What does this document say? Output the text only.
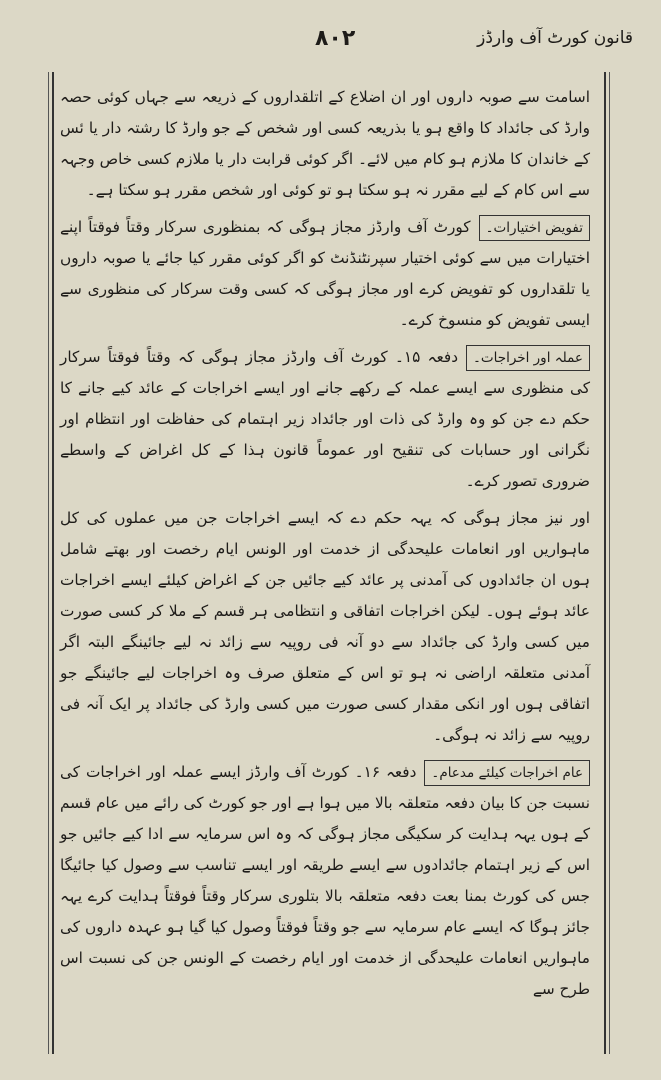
۸۰۲	قانون کورٹ آف وارڈز

اسامت سے صوبہ داروں اور ان اضلاع کے اتلقداروں کے ذریعہ سے جہاں کوئی حصہ وارڈ کی جائداد کا واقع ہو یا بذریعہ کسی اور شخص کے جو وارڈ کا رشتہ دار یا ئس کے خاندان کا ملازم ہو کام میں لائے۔ اگر کوئی قرابت دار یا ملازم کسی خاص وجہہ سے اس کام کے لیے مقرر نہ ہو سکتا ہو تو کوئی اور شخص مقرر ہو سکتا ہے۔

تفویض اختیارات۔کورٹ آف وارڈز مجاز ہوگی کہ بمنظوری سرکار وقتاً فوقتاً اپنے اختیارات میں سے کوئی اختیار سپرنٹنڈنٹ کو اگر کوئی مقرر کیا جائے یا صوبہ داروں یا تلقداروں کو تفویض کرے اور مجاز ہوگی کہ کسی وقت سرکار کی منظوری سے ایسی تفویض کو منسوخ کرے۔

عملہ اور اخراجات۔دفعہ ۱۵۔ کورٹ آف وارڈز مجاز ہوگی کہ وقتاً فوقتاً سرکار کی منظوری سے ایسے عملہ کے رکھے جانے اور ایسے اخراجات کے عائد کیے جانے کا حکم دے جن کو وہ وارڈ کی ذات اور جائداد زیر اہتمام کی حفاظت اور انتظام اور نگرانی اور حسابات کی تنقیح اور عموماً قانون ہذا کے کل اغراض کے واسطے ضروری تصور کرے۔

اور نیز مجاز ہوگی کہ یہہ حکم دے کہ ایسے اخراجات جن میں عملوں کی کل ماہواریں اور انعامات علیحدگی از خدمت اور الونس ایام رخصت اور بھتے شامل ہوں ان جائدادوں کی آمدنی پر عائد کیے جائیں جن کے اغراض کیلئے ایسے اخراجات عائد ہوئے ہوں۔ لیکن اخراجات اتفاقی و انتظامی ہر قسم کے ملا کر کسی صورت میں کسی وارڈ کی جائداد سے دو آنہ فی روپیہ سے زائد نہ لیے جائینگے البتہ اگر آمدنی متعلقہ اراضی نہ ہو تو اس کے متعلق صرف وہ اخراجات لیے جائینگے جو اتفاقی ہوں اور انکی مقدار کسی صورت میں کسی وارڈ کی جائداد پر ایک آنہ فی روپیہ سے زائد نہ ہوگی۔

عام اخراجات کیلئے مدعام۔دفعہ ۱۶۔ کورٹ آف وارڈز ایسے عملہ اور اخراجات کی نسبت جن کا بیان دفعہ متعلقہ بالا میں ہوا ہے اور جو کورٹ کی رائے میں عام قسم کے ہوں یہہ ہدایت کر سکیگی مجاز ہوگی کہ وہ اس سرمایہ سے ادا کیے جائیں جو اس کے زیر اہتمام جائدادوں سے ایسے طریقہ اور ایسے تناسب سے وصول کیا جائیگا جس کی کورٹ بمنا بعت دفعہ متعلقہ بالا بتلوری سرکار وقتاً فوقتاً ہدایت کرے یہہ جائز ہوگا کہ ایسے عام سرمایہ سے جو وقتاً فوقتاً وصول کیا گیا ہو عہدہ داروں کی ماہواریں انعامات علیحدگی از خدمت اور ایام رخصت کے الونس جن کی نسبت اس طرح سے
